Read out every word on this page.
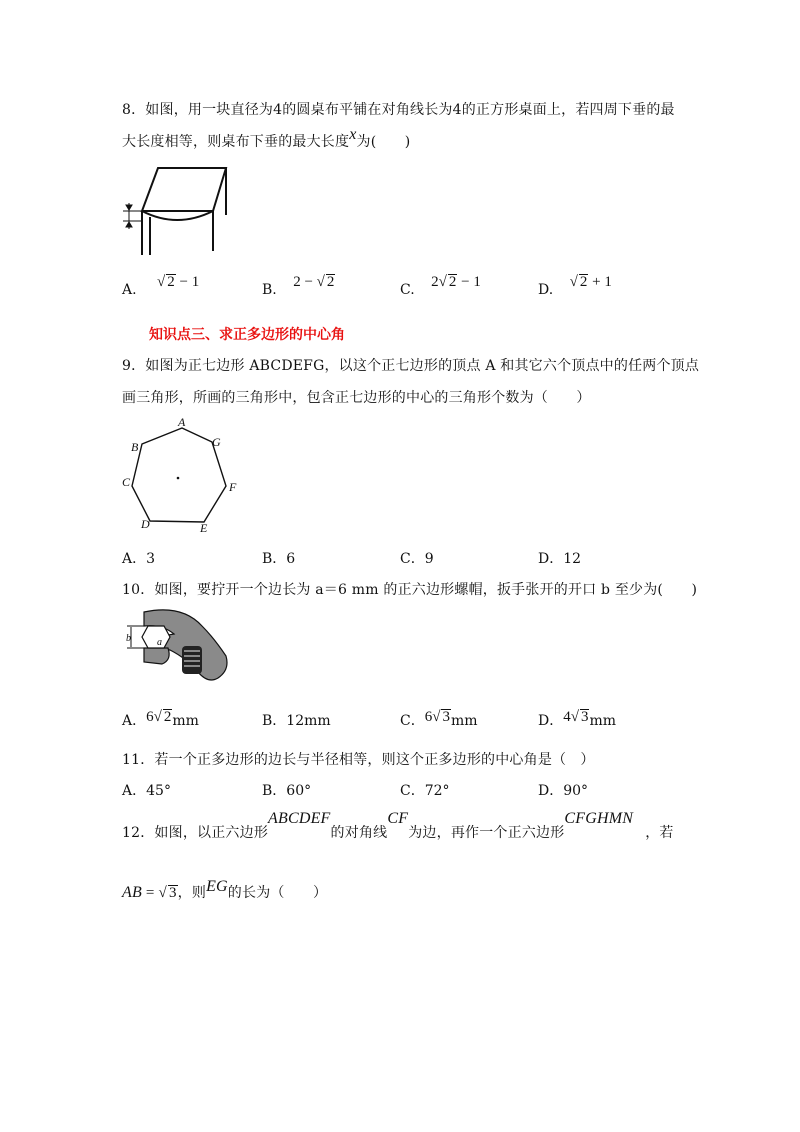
8．如图，用一块直径为4的圆桌布平铺在对角线长为4的正方形桌面上，若四周下垂的最
大长度相等，则桌布下垂的最大长度x为(　　)
A. √ 2 − 1	B. 2 − √ 2	C. 2√ 2 − 1	D. √ 2 + 1
知识点三、求正多边形的中心角
9．如图为正七边形 ABCDEFG，以这个正七边形的顶点 A 和其它六个顶点中的任两个顶点
画三角形，所画的三角形中，包含正七边形的中心的三角形个数为（　　）
A
B
C
D	E
F
G
A．3	B．6	C．9	D．12
10．如图，要拧开一个边长为 a＝6 mm 的正六边形螺帽，扳手张开的开口 b 至少为(　　)
b	a
A．6√ 2mm	B．12mm	C．6√ 3mm	D．4√ 3mm
11．若一个正多边形的边长与半径相等，则这个正多边形的中心角是（　）
A．45°	B．60°	C．72°	D．90°
12．如图，以正六边形ABCDEF的对角线CF为边，再作一个正六边形CFGHMN，若
AB = √ 3，则EG的长为（　　）
